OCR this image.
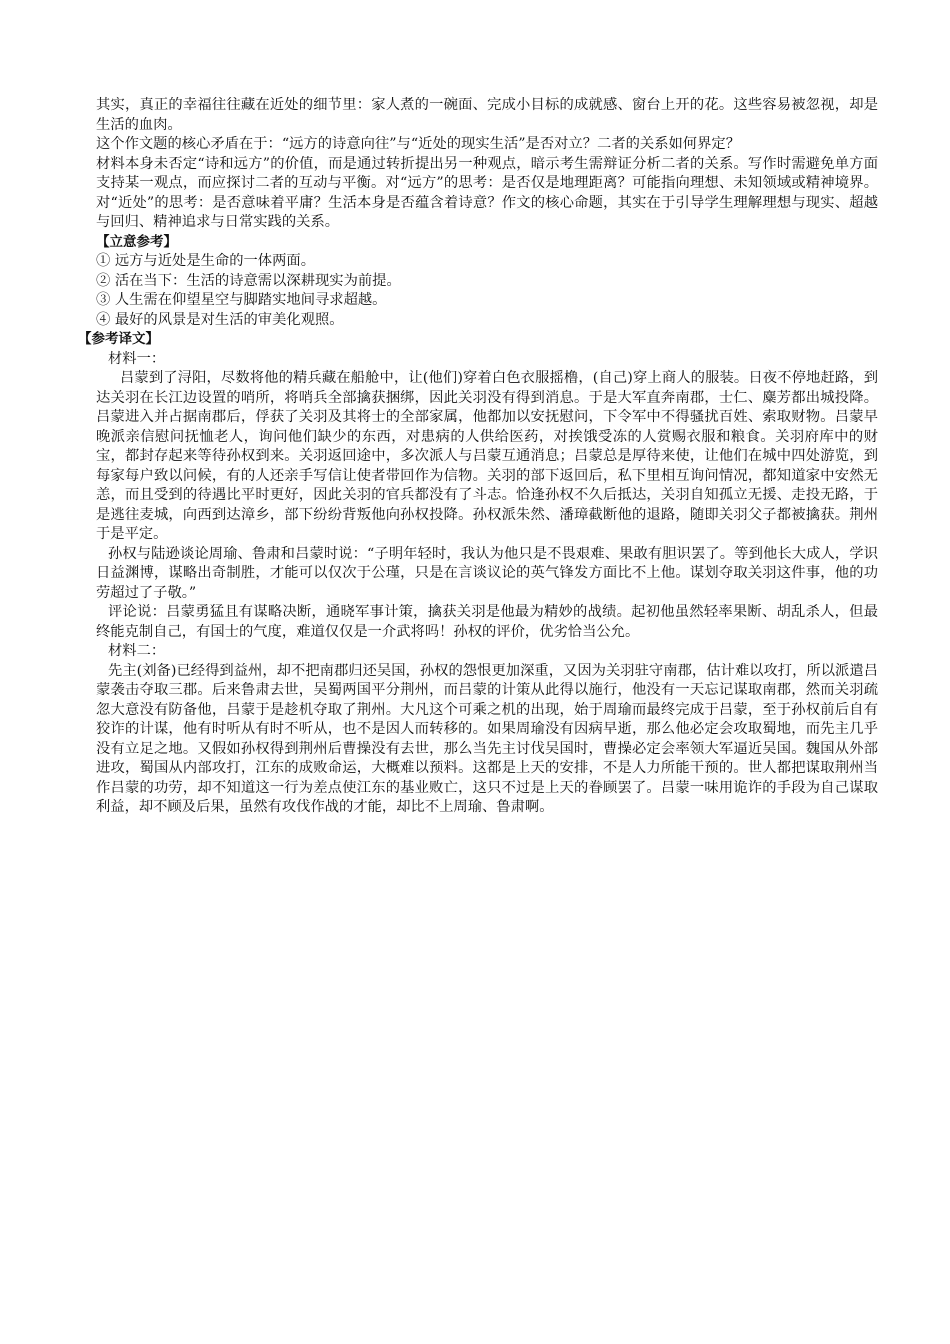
其实，真正的幸福往往藏在近处的细节里：家人煮的一碗面、完成小目标的成就感、窗台上开的花。这些容易被忽视，却是生活的血肉。

这个作文题的核心矛盾在于：“远方的诗意向往”与“近处的现实生活”是否对立？二者的关系如何界定？

材料本身未否定“诗和远方”的价值，而是通过转折提出另一种观点，暗示考生需辩证分析二者的关系。写作时需避免单方面支持某一观点，而应探讨二者的互动与平衡。对“远方”的思考：是否仅是地理距离？可能指向理想、未知领域或精神境界。对“近处”的思考：是否意味着平庸？生活本身是否蕴含着诗意？作文的核心命题，其实在于引导学生理解理想与现实、超越与回归、精神追求与日常实践的关系。

【立意参考】

① 远方与近处是生命的一体两面。

② 活在当下：生活的诗意需以深耕现实为前提。

③ 人生需在仰望星空与脚踏实地间寻求超越。

④ 最好的风景是对生活的审美化观照。

【参考译文】

材料一：

吕蒙到了浔阳，尽数将他的精兵藏在船舱中，让(他们)穿着白色衣服摇橹，(自己)穿上商人的服装。日夜不停地赶路，到达关羽在长江边设置的哨所，将哨兵全部擒获捆绑，因此关羽没有得到消息。于是大军直奔南郡，士仁、麋芳都出城投降。吕蒙进入并占据南郡后，俘获了关羽及其将士的全部家属，他都加以安抚慰问，下令军中不得骚扰百姓、索取财物。吕蒙早晚派亲信慰问抚恤老人，询问他们缺少的东西，对患病的人供给医药，对挨饿受冻的人赏赐衣服和粮食。关羽府库中的财宝，都封存起来等待孙权到来。关羽返回途中，多次派人与吕蒙互通消息；吕蒙总是厚待来使，让他们在城中四处游览，到每家每户致以问候，有的人还亲手写信让使者带回作为信物。关羽的部下返回后，私下里相互询问情况，都知道家中安然无恙，而且受到的待遇比平时更好，因此关羽的官兵都没有了斗志。恰逢孙权不久后抵达，关羽自知孤立无援、走投无路，于是逃往麦城，向西到达漳乡，部下纷纷背叛他向孙权投降。孙权派朱然、潘璋截断他的退路，随即关羽父子都被擒获。荆州于是平定。

孙权与陆逊谈论周瑜、鲁肃和吕蒙时说：“子明年轻时，我认为他只是不畏艰难、果敢有胆识罢了。等到他长大成人，学识日益渊博，谋略出奇制胜，才能可以仅次于公瑾，只是在言谈议论的英气锋发方面比不上他。谋划夺取关羽这件事，他的功劳超过了子敬。”

评论说：吕蒙勇猛且有谋略决断，通晓军事计策，擒获关羽是他最为精妙的战绩。起初他虽然轻率果断、胡乱杀人，但最终能克制自己，有国士的气度，难道仅仅是一介武将吗！孙权的评价，优劣恰当公允。

材料二：

先主(刘备)已经得到益州，却不把南郡归还吴国，孙权的怨恨更加深重，又因为关羽驻守南郡，估计难以攻打，所以派遣吕蒙袭击夺取三郡。后来鲁肃去世，吴蜀两国平分荆州，而吕蒙的计策从此得以施行，他没有一天忘记谋取南郡，然而关羽疏忽大意没有防备他，吕蒙于是趁机夺取了荆州。大凡这个可乘之机的出现，始于周瑜而最终完成于吕蒙，至于孙权前后自有狡诈的计谋，他有时听从有时不听从，也不是因人而转移的。如果周瑜没有因病早逝，那么他必定会攻取蜀地，而先主几乎没有立足之地。又假如孙权得到荆州后曹操没有去世，那么当先主讨伐吴国时，曹操必定会率领大军逼近吴国。魏国从外部进攻，蜀国从内部攻打，江东的成败命运，大概难以预料。这都是上天的安排，不是人力所能干预的。世人都把谋取荆州当作吕蒙的功劳，却不知道这一行为差点使江东的基业败亡，这只不过是上天的眷顾罢了。吕蒙一味用诡诈的手段为自己谋取利益，却不顾及后果，虽然有攻伐作战的才能，却比不上周瑜、鲁肃啊。
